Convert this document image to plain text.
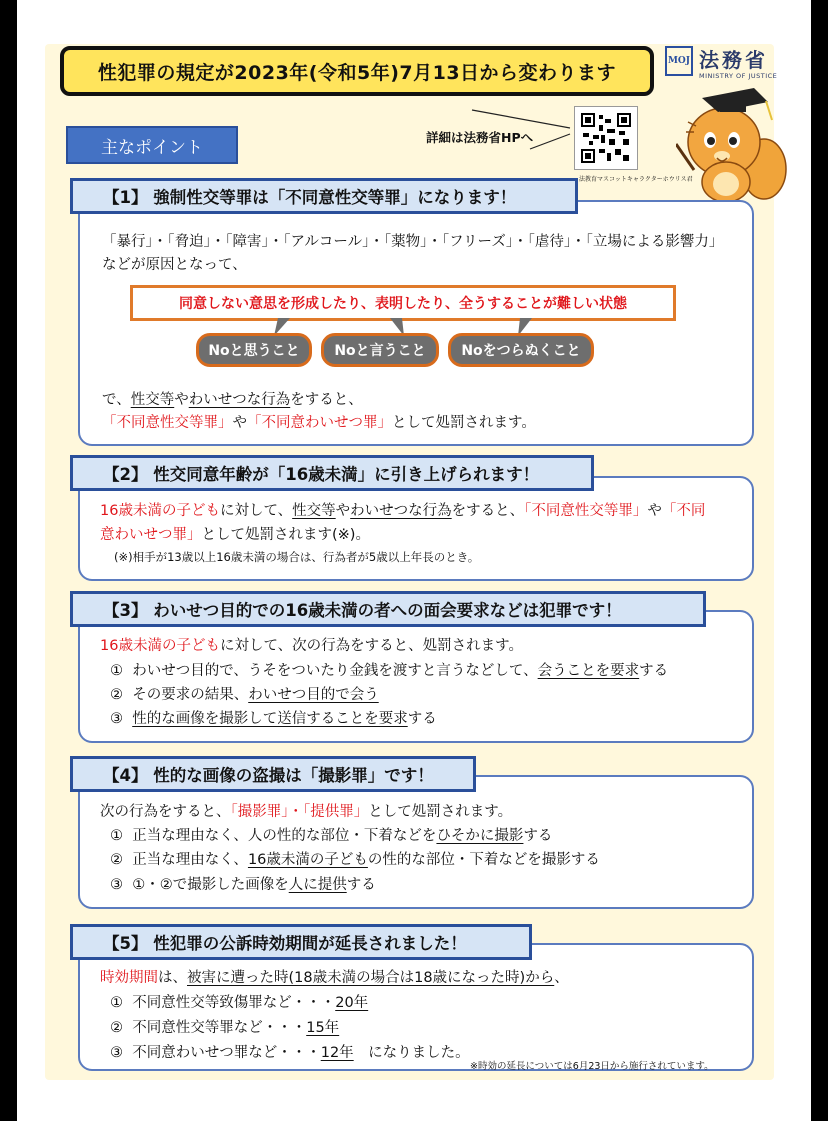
性犯罪の規定が2023年(令和5年)7月13日から変わります
MOJ 法務省
MINISTRY OF JUSTICE
主なポイント	詳細は法務省HPへ
法教育マスコットキャラクターホウリス君
【1】 強制性交等罪は「不同意性交等罪」になります！
「暴行」・「脅迫」・「障害」・「アルコール」・「薬物」・「フリーズ」・「虐待」・「立場による影響力」
などが原因となって、
同意しない意思を形成したり、表明したり、全うすることが難しい状態
Noと思うこと	Noと言うこと	Noをつらぬくこと
で、性交等やわいせつな行為をすると、
「不同意性交等罪」や「不同意わいせつ罪」として処罰されます。
【2】 性交同意年齢が「16歳未満」に引き上げられます！
16歳未満の子どもに対して、性交等やわいせつな行為をすると、「不同意性交等罪」や「不同
意わいせつ罪」として処罰されます(※)。
(※)相手が13歳以上16歳未満の場合は、行為者が5歳以上年長のとき。
【3】 わいせつ目的での16歳未満の者への面会要求などは犯罪です！
16歳未満の子どもに対して、次の行為をすると、処罰されます。
① わいせつ目的で、うそをついたり金銭を渡すと言うなどして、会うことを要求する
② その要求の結果、わいせつ目的で会う
③ 性的な画像を撮影して送信することを要求する
【4】 性的な画像の盗撮は「撮影罪」です！
次の行為をすると、「撮影罪」・「提供罪」として処罰されます。
① 正当な理由なく、人の性的な部位・下着などをひそかに撮影する
② 正当な理由なく、16歳未満の子どもの性的な部位・下着などを撮影する
③ ①・②で撮影した画像を人に提供する
【5】 性犯罪の公訴時効期間が延長されました！
時効期間は、被害に遭った時(18歳未満の場合は18歳になった時)から、
① 不同意性交等致傷罪など・・・20年
② 不同意性交等罪など・・・15年
③ 不同意わいせつ罪など・・・12年　になりました。
※時効の延長については6月23日から施行されています。
